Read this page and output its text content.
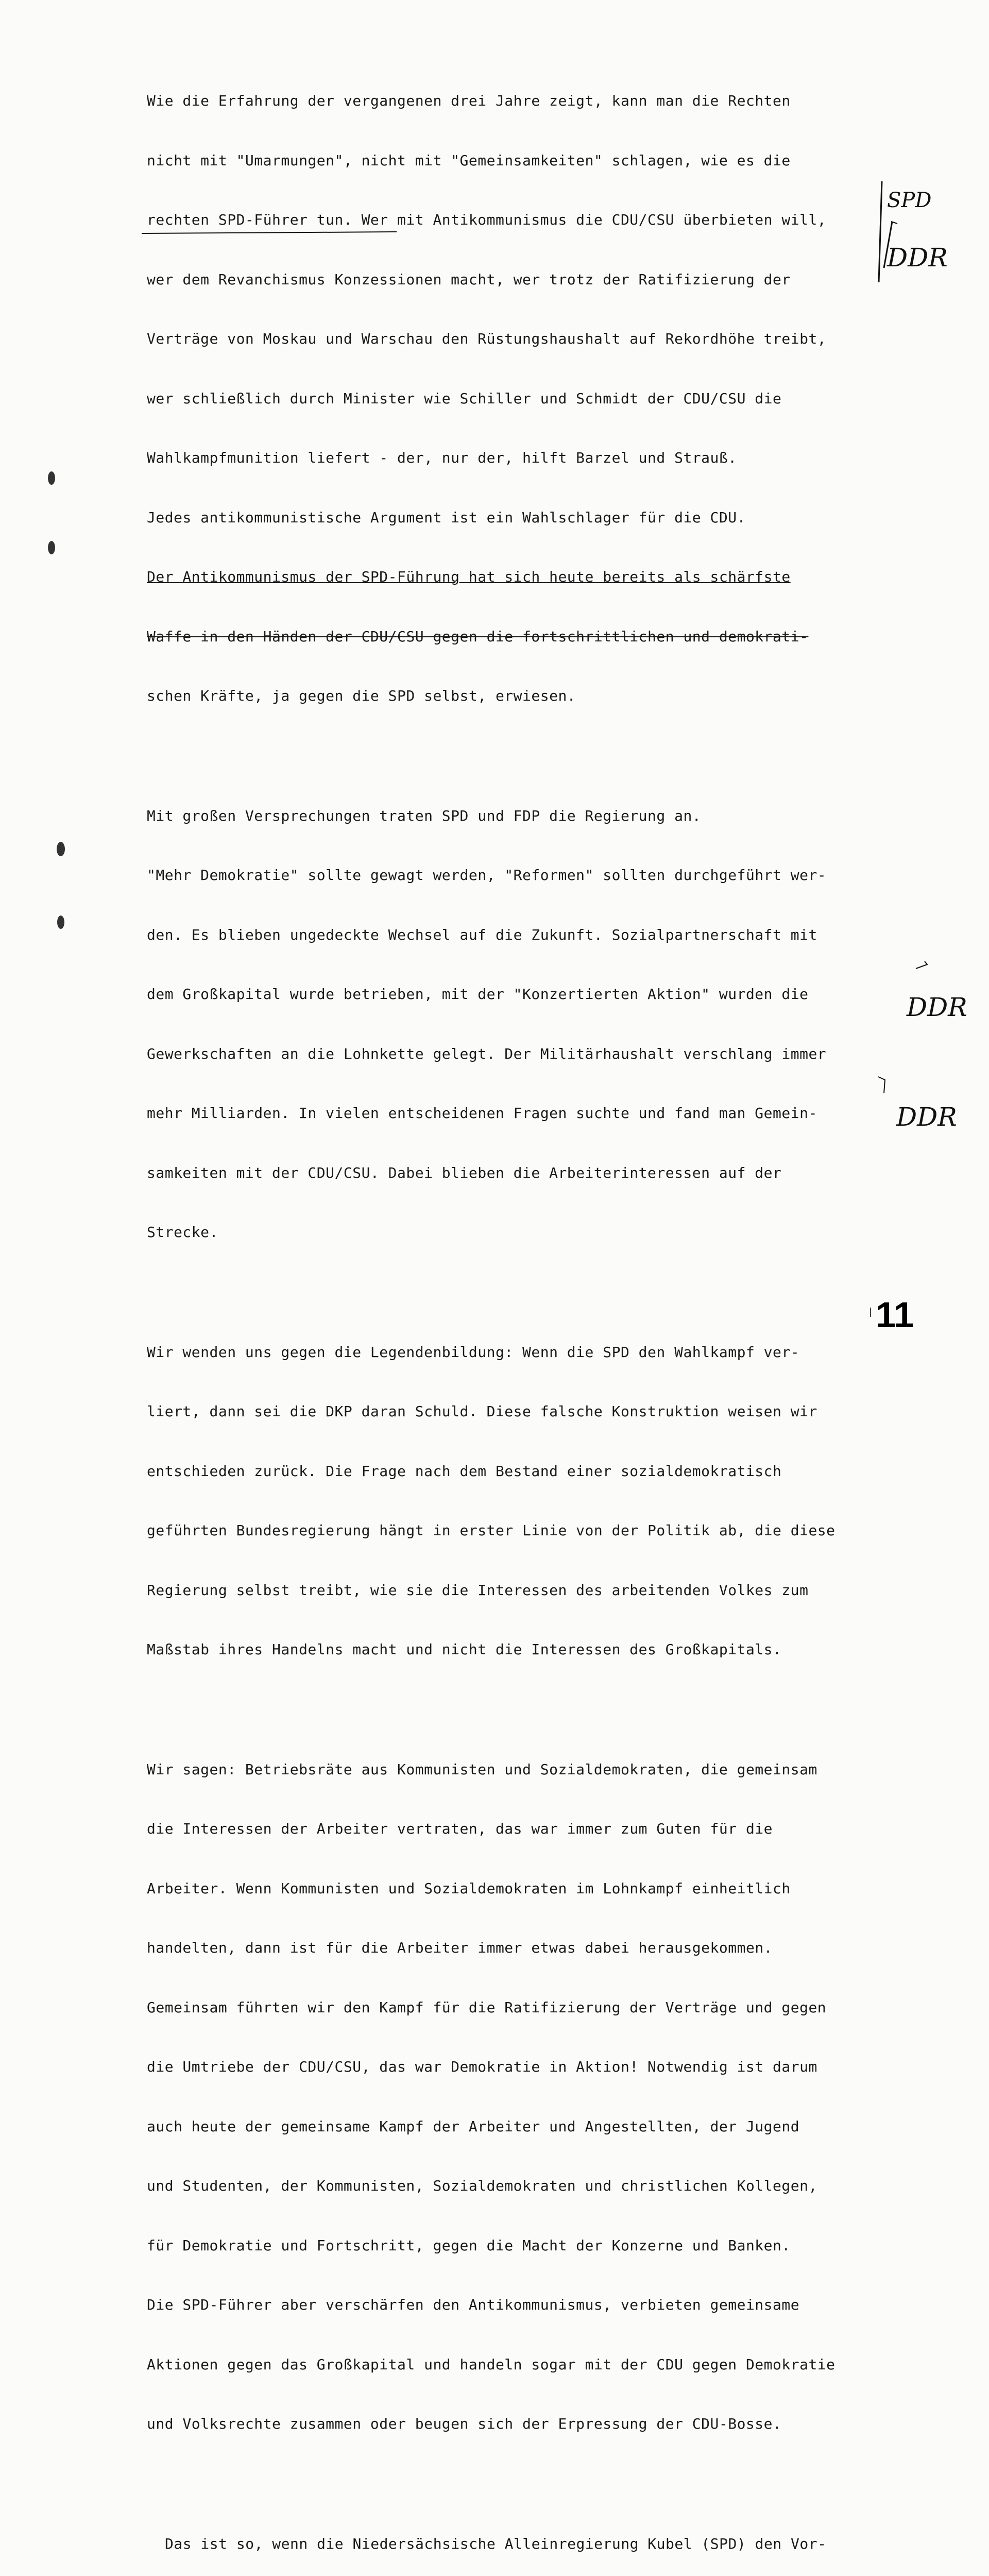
Wie die Erfahrung der vergangenen drei Jahre zeigt, kann man die Rechten

nicht mit "Umarmungen", nicht mit "Gemeinsamkeiten" schlagen, wie es die

rechten SPD-Führer tun. Wer mit Antikommunismus die CDU/CSU überbieten will,

wer dem Revanchismus Konzessionen macht, wer trotz der Ratifizierung der

Verträge von Moskau und Warschau den Rüstungshaushalt auf Rekordhöhe treibt,

wer schließlich durch Minister wie Schiller und Schmidt der CDU/CSU die

Wahlkampfmunition liefert - der, nur der, hilft Barzel und Strauß.

Jedes antikommunistische Argument ist ein Wahlschlager für die CDU.

Der Antikommunismus der SPD-Führung hat sich heute bereits als schärfste

Waffe in den Händen der CDU/CSU gegen die fortschrittlichen und demokrati-

schen Kräfte, ja gegen die SPD selbst, erwiesen.

Mit großen Versprechungen traten SPD und FDP die Regierung an.

"Mehr Demokratie" sollte gewagt werden, "Reformen" sollten durchgeführt wer-

den. Es blieben ungedeckte Wechsel auf die Zukunft. Sozialpartnerschaft mit

dem Großkapital wurde betrieben, mit der "Konzertierten Aktion" wurden die

Gewerkschaften an die Lohnkette gelegt. Der Militärhaushalt verschlang immer

mehr Milliarden. In vielen entscheidenen Fragen suchte und fand man Gemein-

samkeiten mit der CDU/CSU. Dabei blieben die Arbeiterinteressen auf der

Strecke.

Wir wenden uns gegen die Legendenbildung: Wenn die SPD den Wahlkampf ver-

liert, dann sei die DKP daran Schuld. Diese falsche Konstruktion weisen wir

entschieden zurück. Die Frage nach dem Bestand einer sozialdemokratisch

geführten Bundesregierung hängt in erster Linie von der Politik ab, die diese

Regierung selbst treibt, wie sie die Interessen des arbeitenden Volkes zum

Maßstab ihres Handelns macht und nicht die Interessen des Großkapitals.

Wir sagen: Betriebsräte aus Kommunisten und Sozialdemokraten, die gemeinsam

die Interessen der Arbeiter vertraten, das war immer zum Guten für die

Arbeiter. Wenn Kommunisten und Sozialdemokraten im Lohnkampf einheitlich

handelten, dann ist für die Arbeiter immer etwas dabei herausgekommen.

Gemeinsam führten wir den Kampf für die Ratifizierung der Verträge und gegen

die Umtriebe der CDU/CSU, das war Demokratie in Aktion! Notwendig ist darum

auch heute der gemeinsame Kampf der Arbeiter und Angestellten, der Jugend

und Studenten, der Kommunisten, Sozialdemokraten und christlichen Kollegen,

für Demokratie und Fortschritt, gegen die Macht der Konzerne und Banken.

Die SPD-Führer aber verschärfen den Antikommunismus, verbieten gemeinsame

Aktionen gegen das Großkapital und handeln sogar mit der CDU gegen Demokratie

und Volksrechte zusammen oder beugen sich der Erpressung der CDU-Bosse.

Das ist so, wenn die Niedersächsische Alleinregierung Kubel (SPD) den Vor-

SPD
DDR
DDR
DDR
11
